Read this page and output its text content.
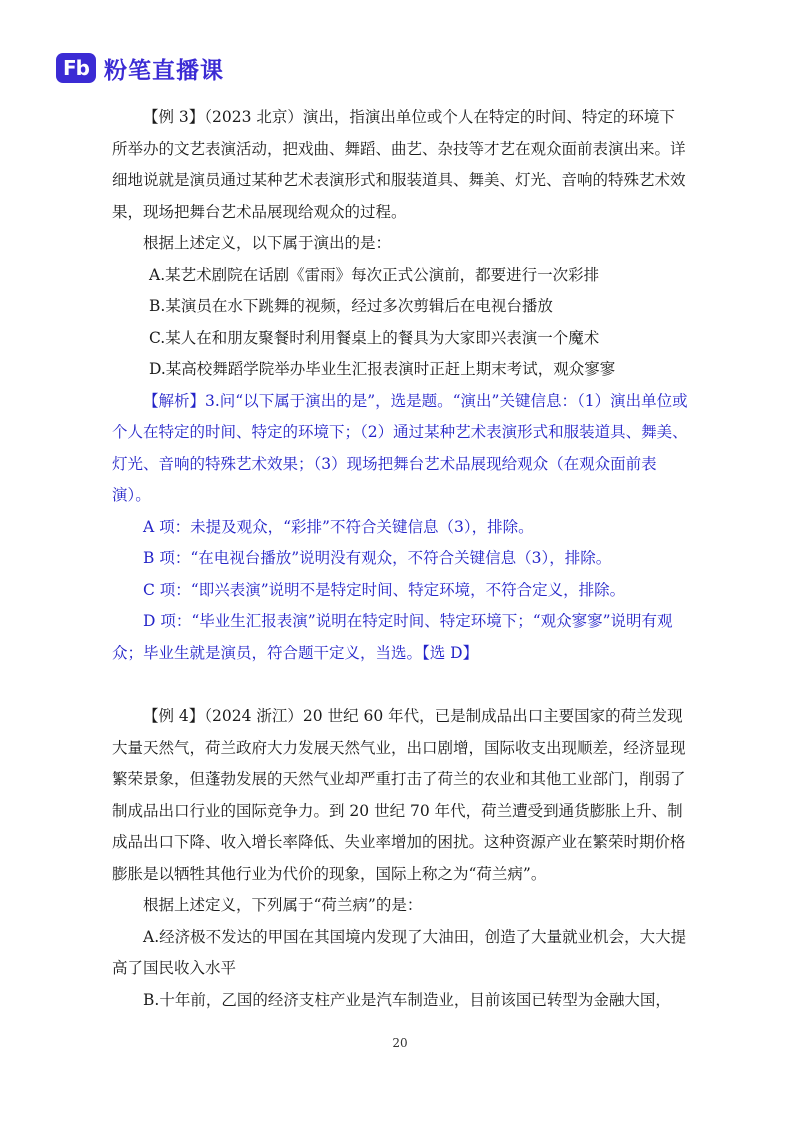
Fb 粉笔直播课

【例 3】（2023 北京）演出，指演出单位或个人在特定的时间、特定的环境下所举办的文艺表演活动，把戏曲、舞蹈、曲艺、杂技等才艺在观众面前表演出来。详细地说就是演员通过某种艺术表演形式和服装道具、舞美、灯光、音响的特殊艺术效果，现场把舞台艺术品展现给观众的过程。

根据上述定义，以下属于演出的是：

A.某艺术剧院在话剧《雷雨》每次正式公演前，都要进行一次彩排

B.某演员在水下跳舞的视频，经过多次剪辑后在电视台播放

C.某人在和朋友聚餐时利用餐桌上的餐具为大家即兴表演一个魔术

D.某高校舞蹈学院举办毕业生汇报表演时正赶上期末考试，观众寥寥

【解析】3.问“以下属于演出的是”，选是题。“演出”关键信息：（1）演出单位或个人在特定的时间、特定的环境下；（2）通过某种艺术表演形式和服装道具、舞美、灯光、音响的特殊艺术效果；（3）现场把舞台艺术品展现给观众（在观众面前表演）。

A 项：未提及观众，“彩排”不符合关键信息（3），排除。

B 项：“在电视台播放”说明没有观众，不符合关键信息（3），排除。

C 项：“即兴表演”说明不是特定时间、特定环境，不符合定义，排除。

D 项：“毕业生汇报表演”说明在特定时间、特定环境下；“观众寥寥”说明有观众；毕业生就是演员，符合题干定义，当选。【选 D】

【例 4】（2024 浙江）20 世纪 60 年代，已是制成品出口主要国家的荷兰发现大量天然气，荷兰政府大力发展天然气业，出口剧增，国际收支出现顺差，经济显现繁荣景象，但蓬勃发展的天然气业却严重打击了荷兰的农业和其他工业部门，削弱了制成品出口行业的国际竞争力。到 20 世纪 70 年代，荷兰遭受到通货膨胀上升、制成品出口下降、收入增长率降低、失业率增加的困扰。这种资源产业在繁荣时期价格膨胀是以牺牲其他行业为代价的现象，国际上称之为“荷兰病”。

根据上述定义，下列属于“荷兰病”的是：

A.经济极不发达的甲国在其国境内发现了大油田，创造了大量就业机会，大大提高了国民收入水平

B.十年前，乙国的经济支柱产业是汽车制造业，目前该国已转型为金融大国，

20
